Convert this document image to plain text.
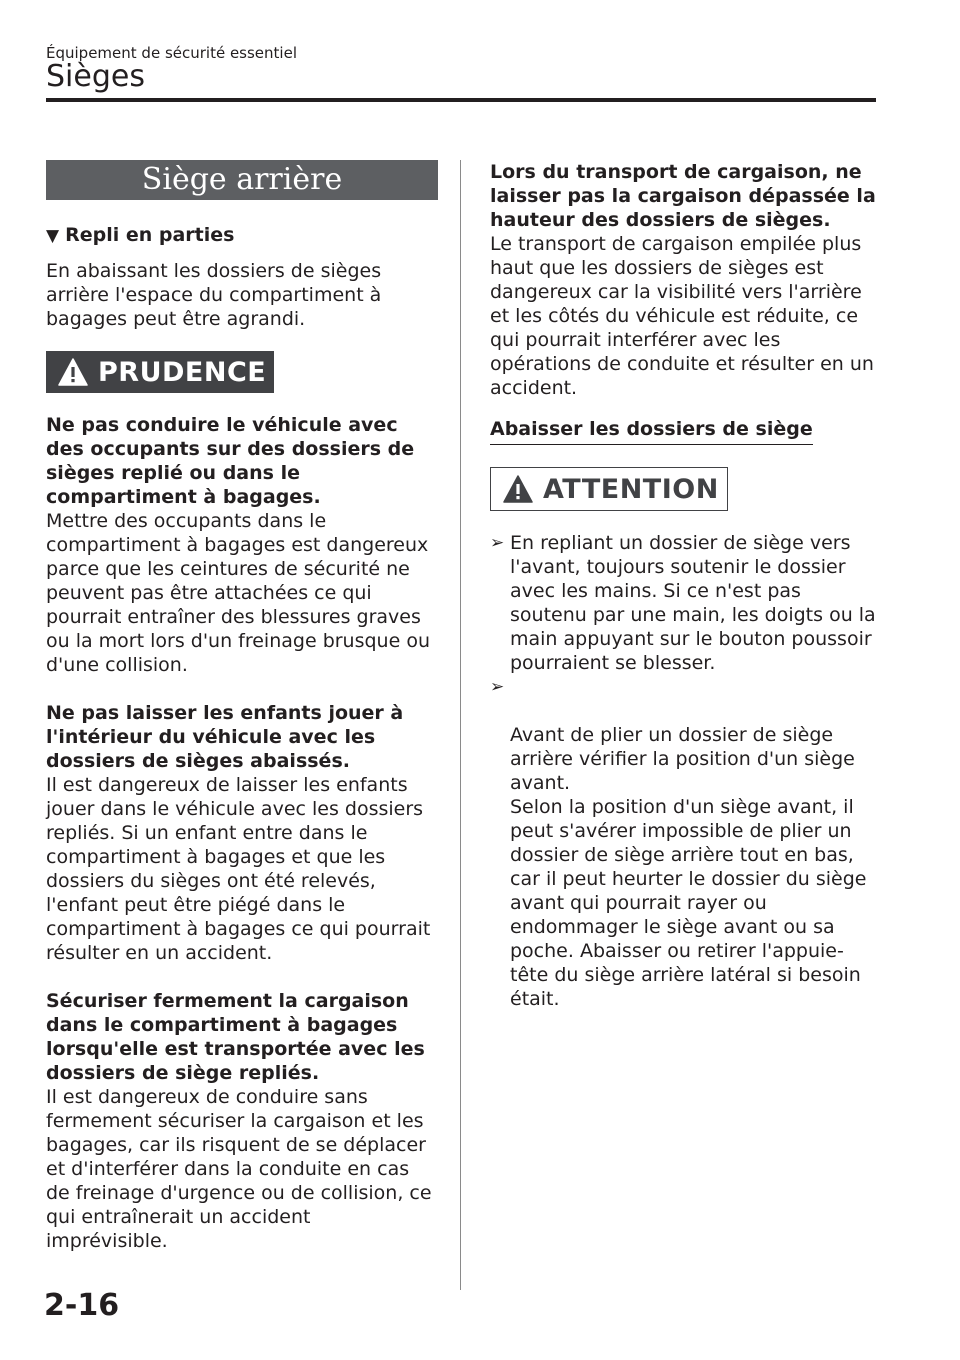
Équipement de sécurité essentiel
Sièges
Siège arrière
▼ Repli en parties

En abaissant les dossiers de sièges arrière l'espace du compartiment à bagages peut être agrandi.

PRUDENCE

Ne pas conduire le véhicule avec des occupants sur des dossiers de sièges replié ou dans le compartiment à bagages.

Mettre des occupants dans le compartiment à bagages est dangereux parce que les ceintures de sécurité ne peuvent pas être attachées ce qui pourrait entraîner des blessures graves ou la mort lors d'un freinage brusque ou d'une collision.

Ne pas laisser les enfants jouer à l'intérieur du véhicule avec les dossiers de sièges abaissés.

Il est dangereux de laisser les enfants jouer dans le véhicule avec les dossiers repliés. Si un enfant entre dans le compartiment à bagages et que les dossiers du sièges ont été relevés, l'enfant peut être piégé dans le compartiment à bagages ce qui pourrait résulter en un accident.

Sécuriser fermement la cargaison dans le compartiment à bagages lorsqu'elle est transportée avec les dossiers de siège repliés.

Il est dangereux de conduire sans fermement sécuriser la cargaison et les bagages, car ils risquent de se déplacer et d'interférer dans la conduite en cas de freinage d'urgence ou de collision, ce qui entraînerait un accident imprévisible.

Lors du transport de cargaison, ne laisser pas la cargaison dépassée la hauteur des dossiers de sièges.

Le transport de cargaison empilée plus haut que les dossiers de sièges est dangereux car la visibilité vers l'arrière et les côtés du véhicule est réduite, ce qui pourrait interférer avec les opérations de conduite et résulter en un accident.

Abaisser les dossiers de siège
ATTENTION
➢ En repliant un dossier de siège vers l'avant, toujours soutenir le dossier avec les mains. Si ce n'est pas soutenu par une main, les doigts ou la main appuyant sur le bouton poussoir pourraient se blesser.

➢

Avant de plier un dossier de siège arrière vérifier la position d'un siège avant.
Selon la position d'un siège avant, il peut s'avérer impossible de plier un dossier de siège arrière tout en bas, car il peut heurter le dossier du siège avant qui pourrait rayer ou endommager le siège avant ou sa poche. Abaisser ou retirer l'appuie-tête du siège arrière latéral si besoin était.

2-16
